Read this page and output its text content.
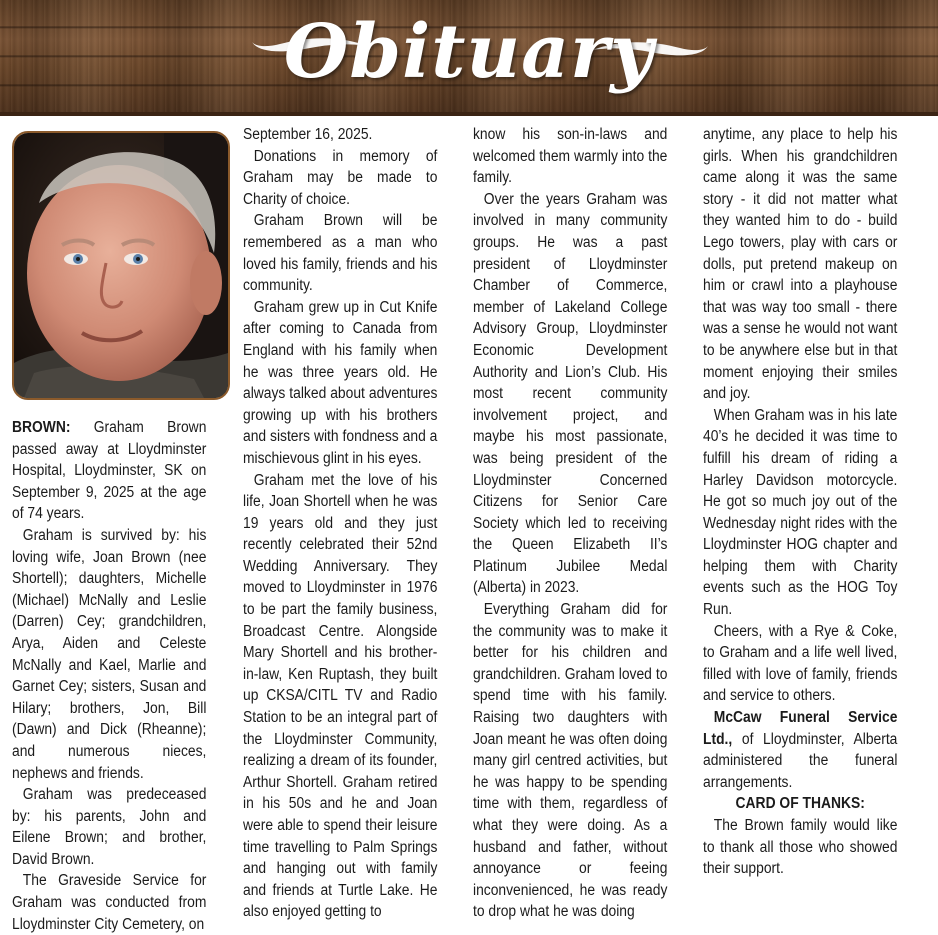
Obituary

BROWN: Graham Brown passed away at Lloydminster Hospital, Lloydminster, SK on September 9, 2025 at the age of 74 years.

Graham is survived by: his loving wife, Joan Brown (nee Shortell); daughters, Michelle (Michael) McNally and Leslie (Darren) Cey; grandchildren, Arya, Aiden and Celeste McNally and Kael, Marlie and Garnet Cey; sisters, Susan and Hilary; brothers, Jon, Bill (Dawn) and Dick (Rheanne); and numerous nieces, nephews and friends.

Graham was predeceased by: his parents, John and Eilene Brown; and brother, David Brown.

The Graveside Service for Graham was conducted from Lloydminster City Cemetery, on

September 16, 2025.

Donations in memory of Graham may be made to Charity of choice.

Graham Brown will be remembered as a man who loved his family, friends and his community.

Graham grew up in Cut Knife after coming to Canada from England with his family when he was three years old. He always talked about adventures growing up with his brothers and sisters with fondness and a mischievous glint in his eyes.

Graham met the love of his life, Joan Shortell when he was 19 years old and they just recently celebrated their 52nd Wedding Anniversary. They moved to Lloydminster in 1976 to be part the family business, Broadcast Centre. Alongside Mary Shortell and his brother-in-law, Ken Ruptash, they built up CKSA/CITL TV and Radio Station to be an integral part of the Lloydminster Community, realizing a dream of its founder, Arthur Shortell. Graham retired in his 50s and he and Joan were able to spend their leisure time travelling to Palm Springs and hanging out with family and friends at Turtle Lake. He also enjoyed getting to

know his son-in-laws and welcomed them warmly into the family.

Over the years Graham was involved in many community groups. He was a past president of Lloydminster Chamber of Commerce, member of Lakeland College Advisory Group, Lloydminster Economic Development Authority and Lion’s Club. His most recent community involvement project, and maybe his most passionate, was being president of the Lloydminster Concerned Citizens for Senior Care Society which led to receiving the Queen Elizabeth II’s Platinum Jubilee Medal (Alberta) in 2023.

Everything Graham did for the community was to make it better for his children and grandchildren. Graham loved to spend time with his family. Raising two daughters with Joan meant he was often doing many girl centred activities, but he was happy to be spending time with them, regardless of what they were doing. As a husband and father, without annoyance or feeing inconvenienced, he was ready to drop what he was doing

anytime, any place to help his girls. When his grandchildren came along it was the same story - it did not matter what they wanted him to do - build Lego towers, play with cars or dolls, put pretend makeup on him or crawl into a playhouse that was way too small - there was a sense he would not want to be anywhere else but in that moment enjoying their smiles and joy.

When Graham was in his late 40’s he decided it was time to fulfill his dream of riding a Harley Davidson motorcycle. He got so much joy out of the Wednesday night rides with the Lloydminster HOG chapter and helping them with Charity events such as the HOG Toy Run.

Cheers, with a Rye & Coke, to Graham and a life well lived, filled with love of family, friends and service to others.

McCaw Funeral Service Ltd., of Lloydminster, Alberta administered the funeral arrangements.

CARD OF THANKS:

The Brown family would like to thank all those who showed their support.
